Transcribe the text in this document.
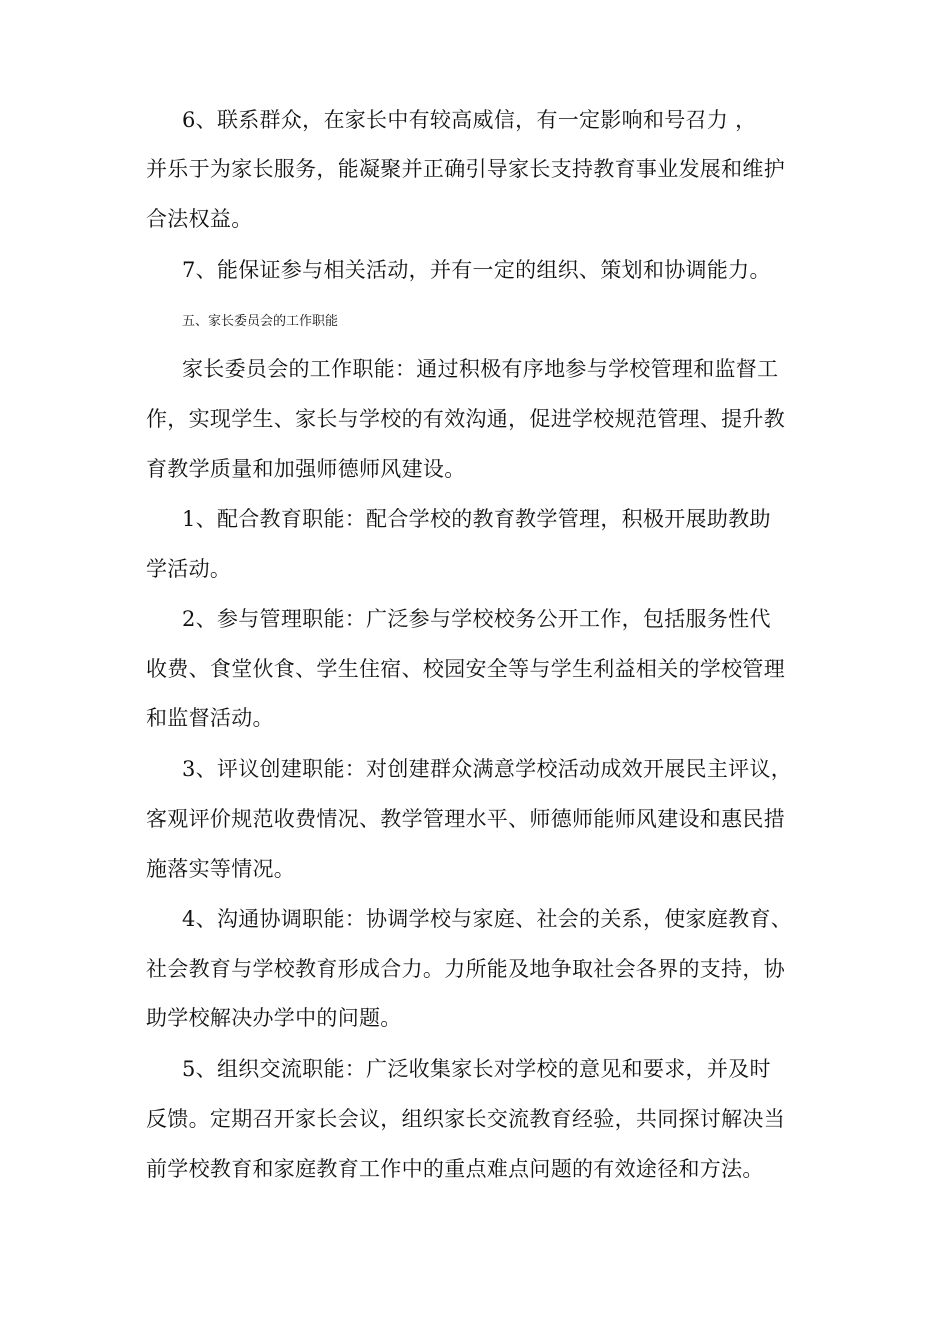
6、联系群众，在家长中有较高威信，有一定影响和号召力 ，
并乐于为家长服务，能凝聚并正确引导家长支持教育事业发展和维护
合法权益。
7、能保证参与相关活动，并有一定的组织、策划和协调能力。
五、家长委员会的工作职能
家长委员会的工作职能：通过积极有序地参与学校管理和监督工
作，实现学生、家长与学校的有效沟通，促进学校规范管理、提升教
育教学质量和加强师德师风建设。
1、配合教育职能：配合学校的教育教学管理，积极开展助教助
学活动。
2、参与管理职能：广泛参与学校校务公开工作，包括服务性代
收费、食堂伙食、学生住宿、校园安全等与学生利益相关的学校管理
和监督活动。
3、评议创建职能：对创建群众满意学校活动成效开展民主评议，
客观评价规范收费情况、教学管理水平、师德师能师风建设和惠民措
施落实等情况。
4、沟通协调职能：协调学校与家庭、社会的关系，使家庭教育、
社会教育与学校教育形成合力。力所能及地争取社会各界的支持，协
助学校解决办学中的问题。
5、组织交流职能：广泛收集家长对学校的意见和要求，并及时
反馈。定期召开家长会议，组织家长交流教育经验，共同探讨解决当
前学校教育和家庭教育工作中的重点难点问题的有效途径和方法。
